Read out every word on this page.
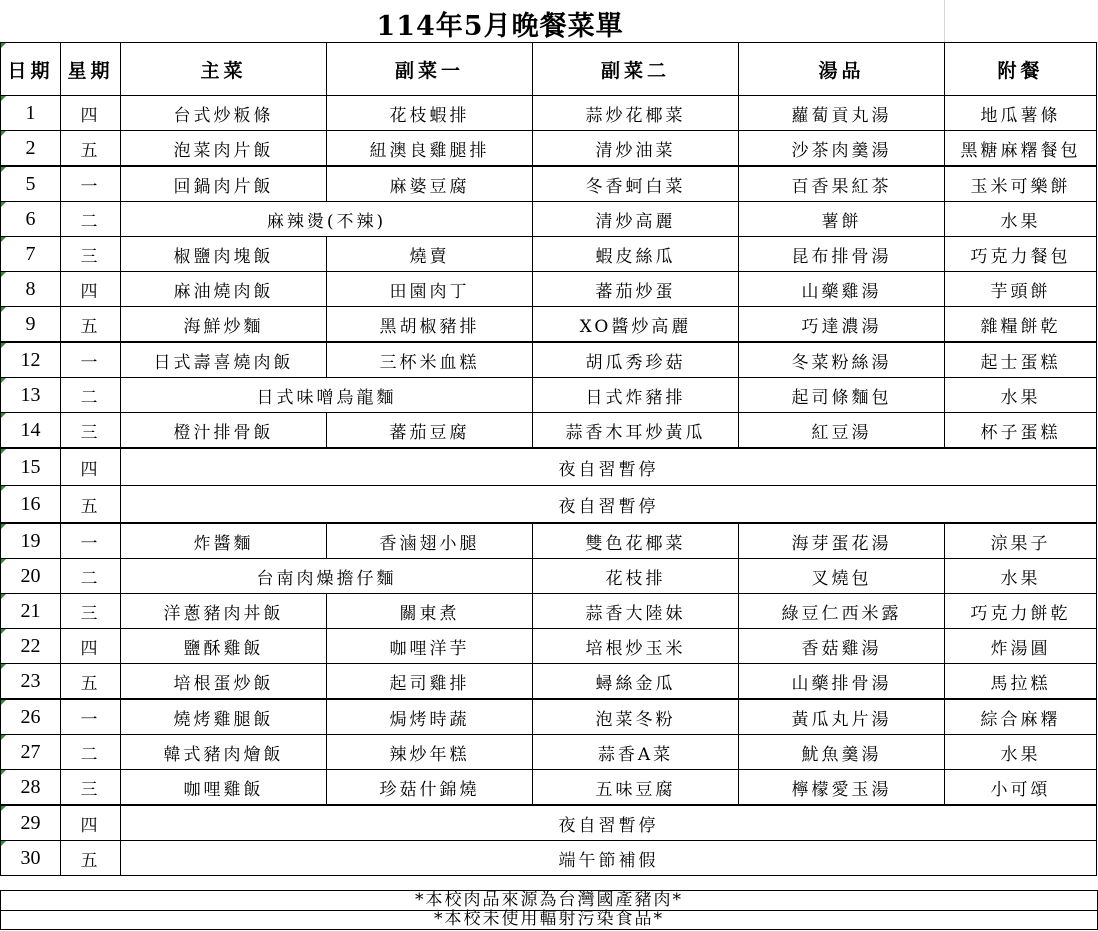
114年5月晚餐菜單
日期	星期	主菜	副菜一	副菜二	湯品	附餐
1	四	台式炒粄條	花枝蝦排	蒜炒花椰菜	蘿蔔貢丸湯	地瓜薯條
2	五	泡菜肉片飯	紐澳良雞腿排	清炒油菜	沙茶肉羹湯	黑糖麻糬餐包
5	一	回鍋肉片飯	麻婆豆腐	冬香蚵白菜	百香果紅茶	玉米可樂餅
6	二	麻辣燙(不辣)		清炒高麗	薯餅	水果
7	三	椒鹽肉塊飯	燒賣	蝦皮絲瓜	昆布排骨湯	巧克力餐包
8	四	麻油燒肉飯	田園肉丁	蕃茄炒蛋	山藥雞湯	芋頭餅
9	五	海鮮炒麵	黑胡椒豬排	XO醬炒高麗	巧達濃湯	雜糧餅乾
12	一	日式壽喜燒肉飯	三杯米血糕	胡瓜秀珍菇	冬菜粉絲湯	起士蛋糕
13	二	日式味噌烏龍麵		日式炸豬排	起司條麵包	水果
14	三	橙汁排骨飯	蕃茄豆腐	蒜香木耳炒黃瓜	紅豆湯	杯子蛋糕
15	四	夜自習暫停				
16	五	夜自習暫停				
19	一	炸醬麵	香滷翅小腿	雙色花椰菜	海芽蛋花湯	涼果子
20	二	台南肉燥擔仔麵		花枝排	叉燒包	水果
21	三	洋蔥豬肉丼飯	關東煮	蒜香大陸妹	綠豆仁西米露	巧克力餅乾
22	四	鹽酥雞飯	咖哩洋芋	培根炒玉米	香菇雞湯	炸湯圓
23	五	培根蛋炒飯	起司雞排	蟳絲金瓜	山藥排骨湯	馬拉糕
26	一	燒烤雞腿飯	焗烤時蔬	泡菜冬粉	黃瓜丸片湯	綜合麻糬
27	二	韓式豬肉燴飯	辣炒年糕	蒜香A菜	魷魚羹湯	水果
28	三	咖哩雞飯	珍菇什錦燒	五味豆腐	檸檬愛玉湯	小可頌
29	四	夜自習暫停				
30	五	端午節補假				
*本校肉品來源為台灣國產豬肉*
*本校未使用輻射污染食品*
